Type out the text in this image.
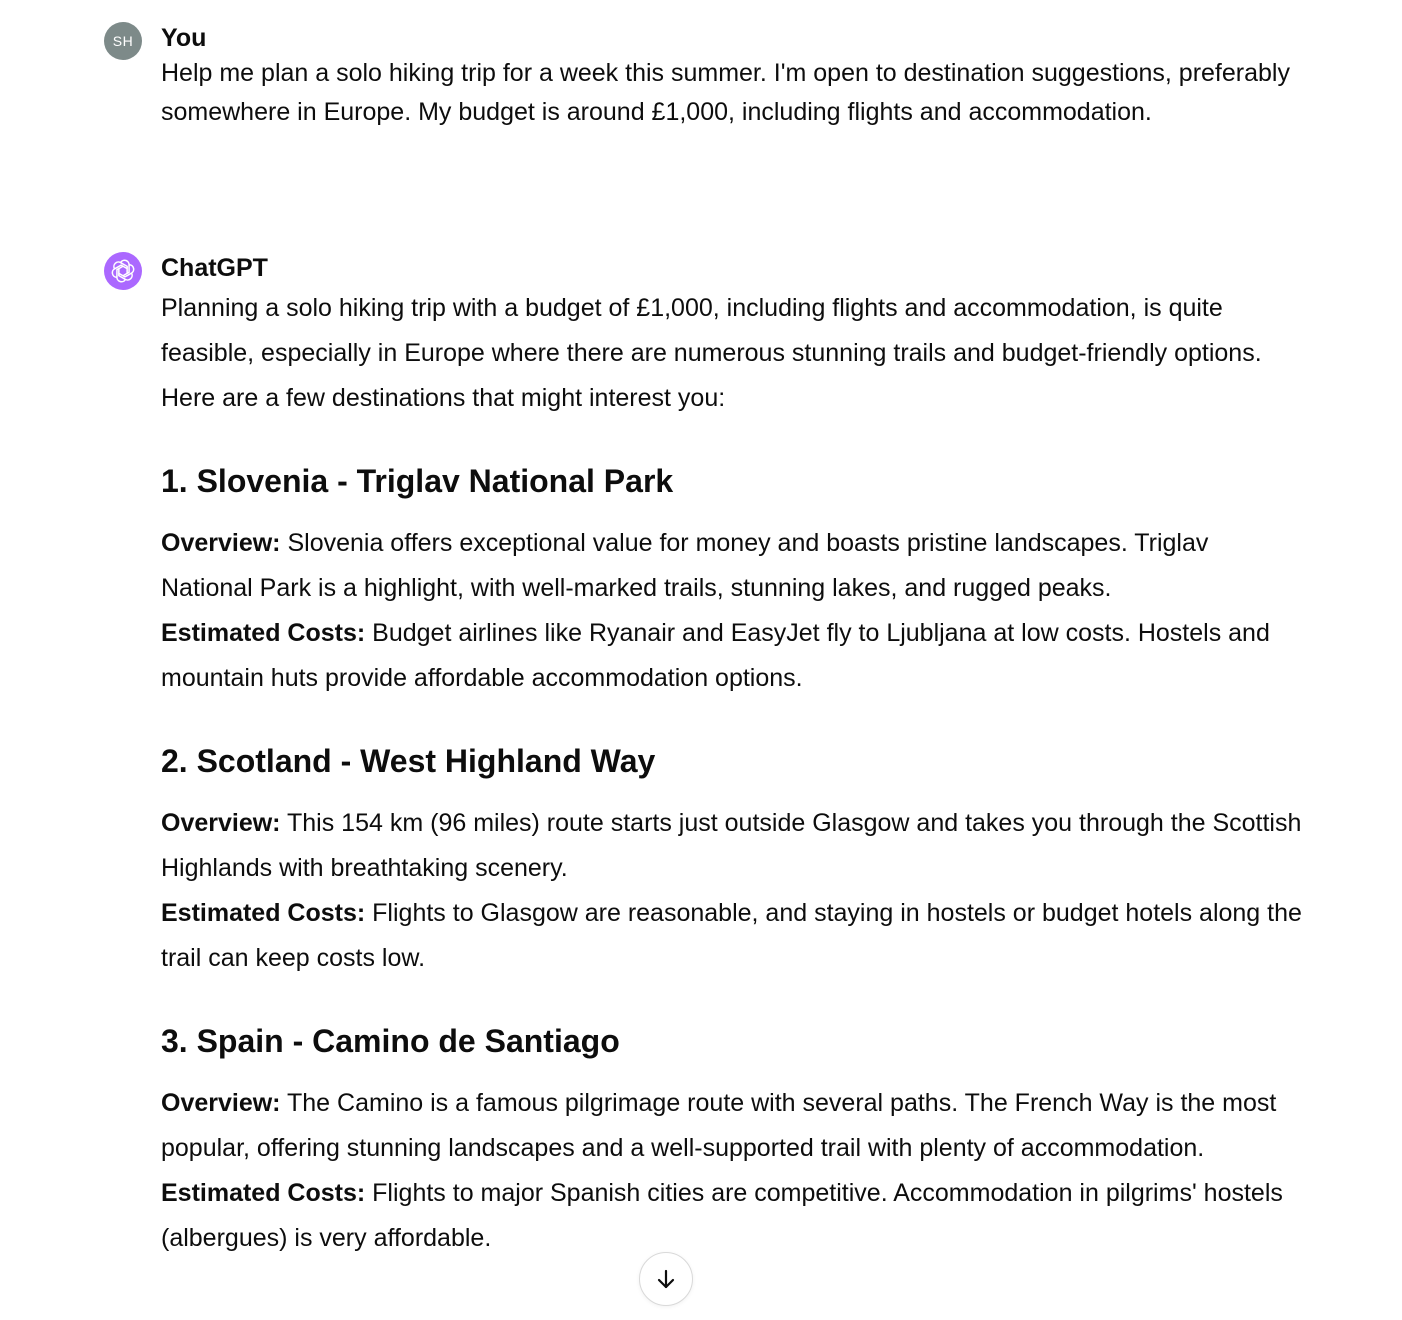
SH You

Help me plan a solo hiking trip for a week this summer. I'm open to destination suggestions, preferably somewhere in Europe. My budget is around £1,000, including flights and accommodation.

ChatGPT

Planning a solo hiking trip with a budget of £1,000, including flights and accommodation, is quite feasible, especially in Europe where there are numerous stunning trails and budget-friendly options. Here are a few destinations that might interest you:

1. Slovenia - Triglav National Park

Overview: Slovenia offers exceptional value for money and boasts pristine landscapes. Triglav National Park is a highlight, with well-marked trails, stunning lakes, and rugged peaks.

Estimated Costs: Budget airlines like Ryanair and EasyJet fly to Ljubljana at low costs. Hostels and mountain huts provide affordable accommodation options.

2. Scotland - West Highland Way

Overview: This 154 km (96 miles) route starts just outside Glasgow and takes you through the Scottish Highlands with breathtaking scenery.

Estimated Costs: Flights to Glasgow are reasonable, and staying in hostels or budget hotels along the trail can keep costs low.

3. Spain - Camino de Santiago

Overview: The Camino is a famous pilgrimage route with several paths. The French Way is the most popular, offering stunning landscapes and a well-supported trail with plenty of accommodation.

Estimated Costs: Flights to major Spanish cities are competitive. Accommodation in pilgrims' hostels (albergues) is very affordable.
